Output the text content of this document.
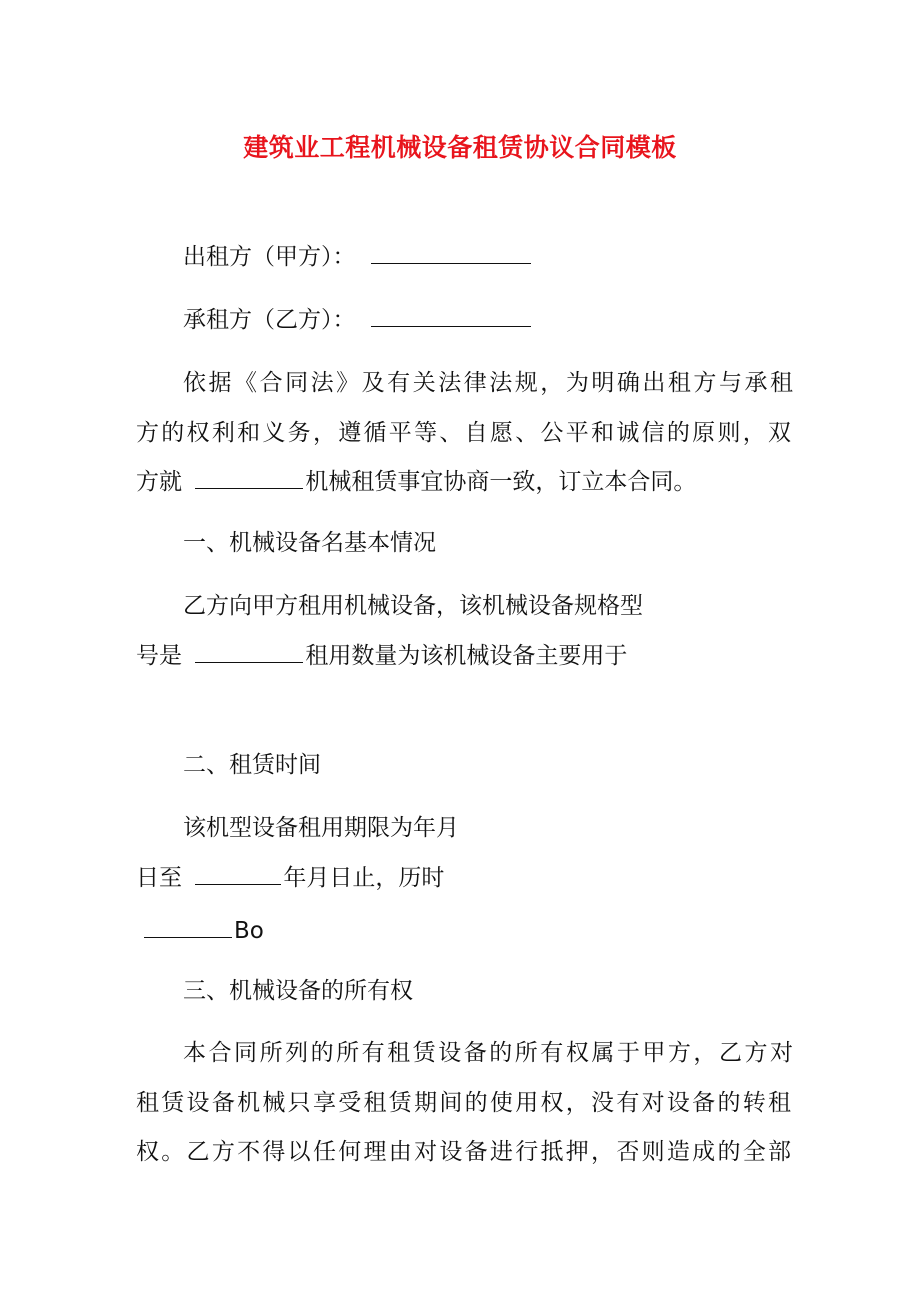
建筑业工程机械设备租赁协议合同模板
出租方（甲方）：
承租方（乙方）：
依据《合同法》及有关法律法规，为明确出租方与承租
方的权利和义务，遵循平等、自愿、公平和诚信的原则，双
方就	机械租赁事宜协商一致，订立本合同。
一、机械设备名基本情况
乙方向甲方租用机械设备，该机械设备规格型
号是	租用数量为该机械设备主要用于
二、租赁时间
该机型设备租用期限为年月
日至	年月日止，历时
Bo
三、机械设备的所有权
本合同所列的所有租赁设备的所有权属于甲方，乙方对
租赁设备机械只享受租赁期间的使用权，没有对设备的转租
权。乙方不得以任何理由对设备进行抵押，否则造成的全部
